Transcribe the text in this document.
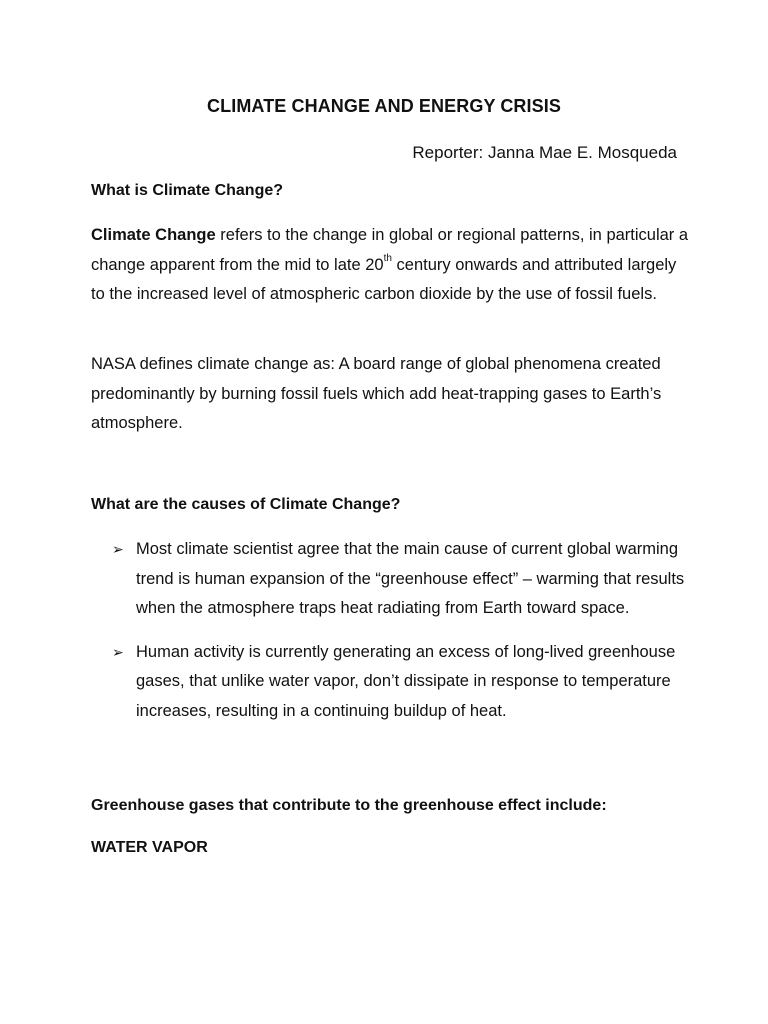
CLIMATE CHANGE AND ENERGY CRISIS
Reporter: Janna Mae E. Mosqueda
What is Climate Change?
Climate Change refers to the change in global or regional patterns, in particular a change apparent from the mid to late 20th century onwards and attributed largely to the increased level of atmospheric carbon dioxide by the use of fossil fuels.
NASA defines climate change as: A board range of global phenomena created predominantly by burning fossil fuels which add heat-trapping gases to Earth’s atmosphere.
What are the causes of Climate Change?
➢ Most climate scientist agree that the main cause of current global warming trend is human expansion of the “greenhouse effect” – warming that results when the atmosphere traps heat radiating from Earth toward space.
➢ Human activity is currently generating an excess of long-lived greenhouse gases, that unlike water vapor, don’t dissipate in response to temperature increases, resulting in a continuing buildup of heat.
Greenhouse gases that contribute to the greenhouse effect include:
WATER VAPOR
